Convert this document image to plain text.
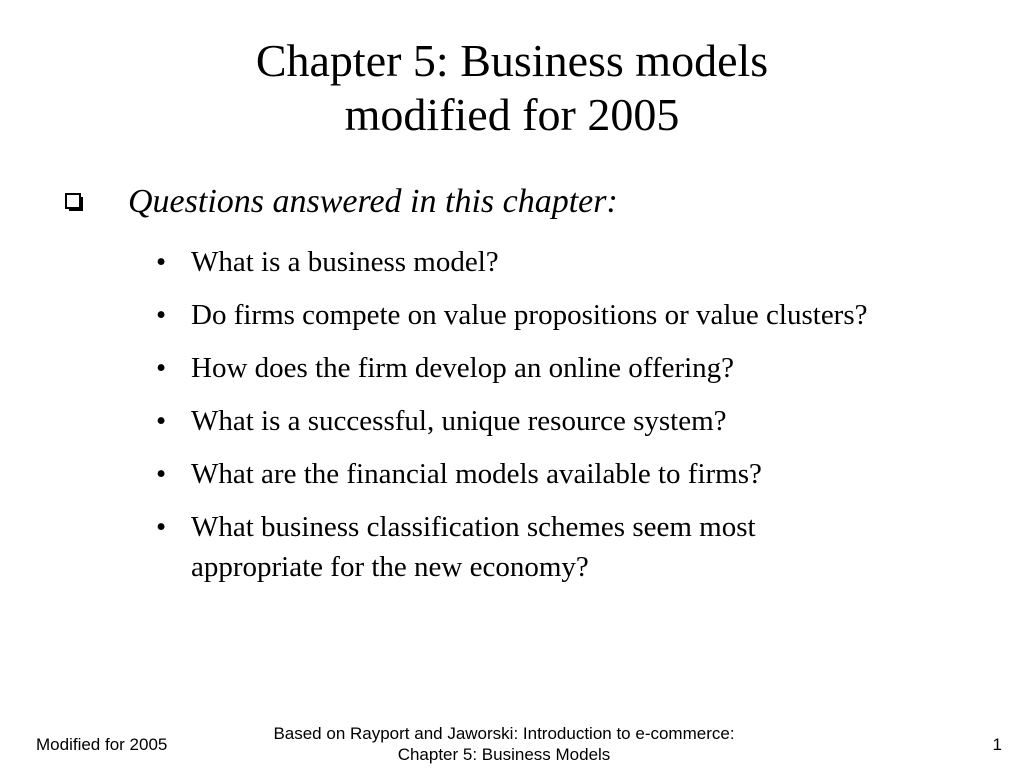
Chapter 5: Business models
modified for 2005
Questions answered in this chapter:
• What is a business model?
• Do firms compete on value propositions or value clusters?
• How does the firm develop an online offering?
• What is a successful, unique resource system?
• What are the financial models available to firms?
• What business classification schemes seem most appropriate for the new economy?
Modified for 2005
Based on Rayport and Jaworski: Introduction to e-commerce:
Chapter 5: Business Models
1
